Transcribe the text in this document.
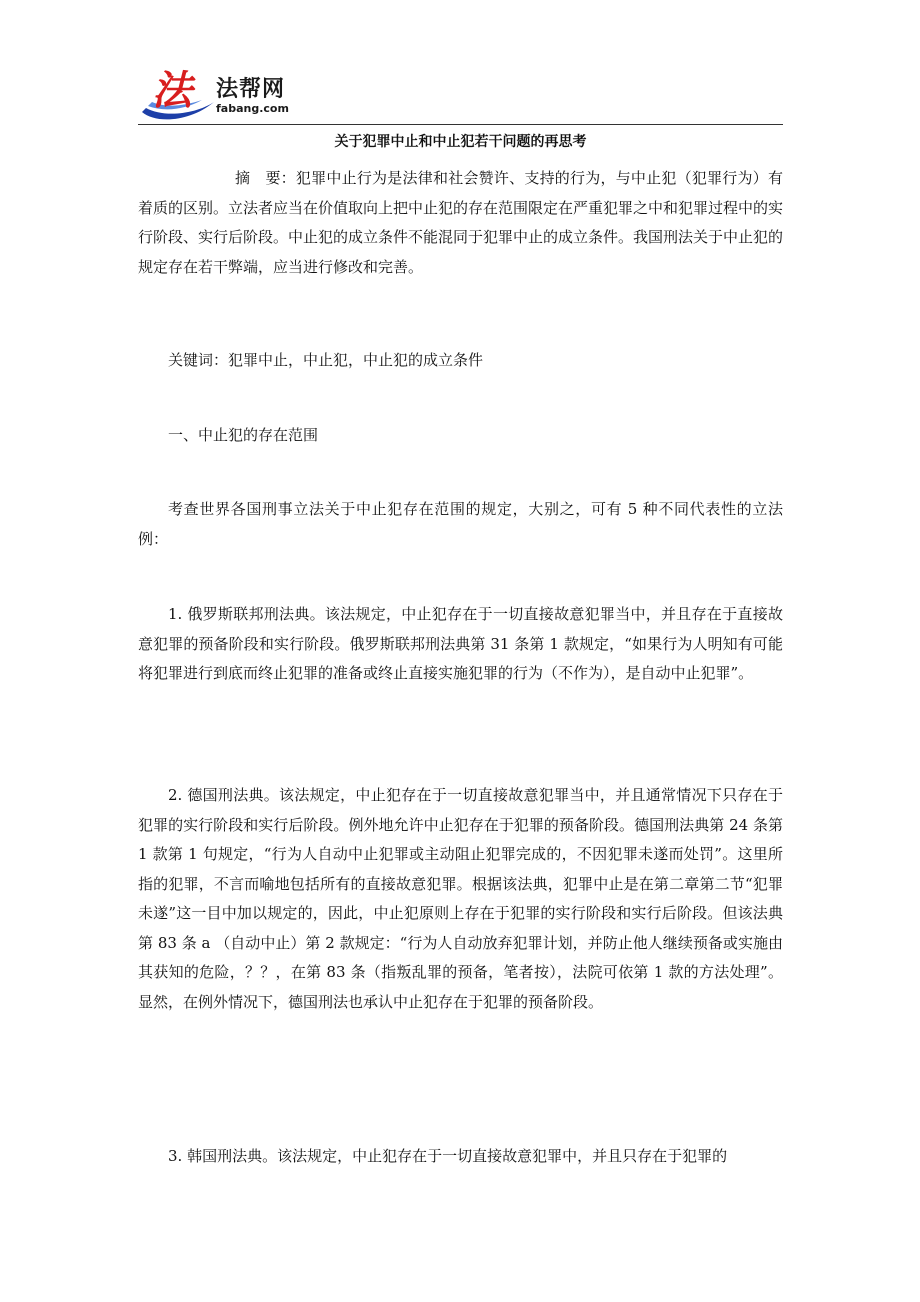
法 法帮网
fabang.com
关于犯罪中止和中止犯若干问题的再思考

摘　要：犯罪中止行为是法律和社会赞许、支持的行为，与中止犯（犯罪行为）有着质的区别。立法者应当在价值取向上把中止犯的存在范围限定在严重犯罪之中和犯罪过程中的实行阶段、实行后阶段。中止犯的成立条件不能混同于犯罪中止的成立条件。我国刑法关于中止犯的规定存在若干弊端，应当进行修改和完善。

关键词：犯罪中止，中止犯，中止犯的成立条件

一、中止犯的存在范围

考查世界各国刑事立法关于中止犯存在范围的规定，大别之，可有 5 种不同代表性的立法例：

1. 俄罗斯联邦刑法典。该法规定，中止犯存在于一切直接故意犯罪当中，并且存在于直接故意犯罪的预备阶段和实行阶段。俄罗斯联邦刑法典第 31 条第 1 款规定，“如果行为人明知有可能将犯罪进行到底而终止犯罪的准备或终止直接实施犯罪的行为（不作为），是自动中止犯罪”。

2. 德国刑法典。该法规定，中止犯存在于一切直接故意犯罪当中，并且通常情况下只存在于犯罪的实行阶段和实行后阶段。例外地允许中止犯存在于犯罪的预备阶段。德国刑法典第 24 条第 1 款第 1 句规定，“行为人自动中止犯罪或主动阻止犯罪完成的，不因犯罪未遂而处罚”。这里所指的犯罪，不言而喻地包括所有的直接故意犯罪。根据该法典，犯罪中止是在第二章第二节“犯罪未遂”这一目中加以规定的，因此，中止犯原则上存在于犯罪的实行阶段和实行后阶段。但该法典第 83 条 a （自动中止）第 2 款规定：“行为人自动放弃犯罪计划，并防止他人继续预备或实施由其获知的危险，？？，在第 83 条（指叛乱罪的预备，笔者按），法院可依第 1 款的方法处理”。显然，在例外情况下，德国刑法也承认中止犯存在于犯罪的预备阶段。

3. 韩国刑法典。该法规定，中止犯存在于一切直接故意犯罪中，并且只存在于犯罪的
